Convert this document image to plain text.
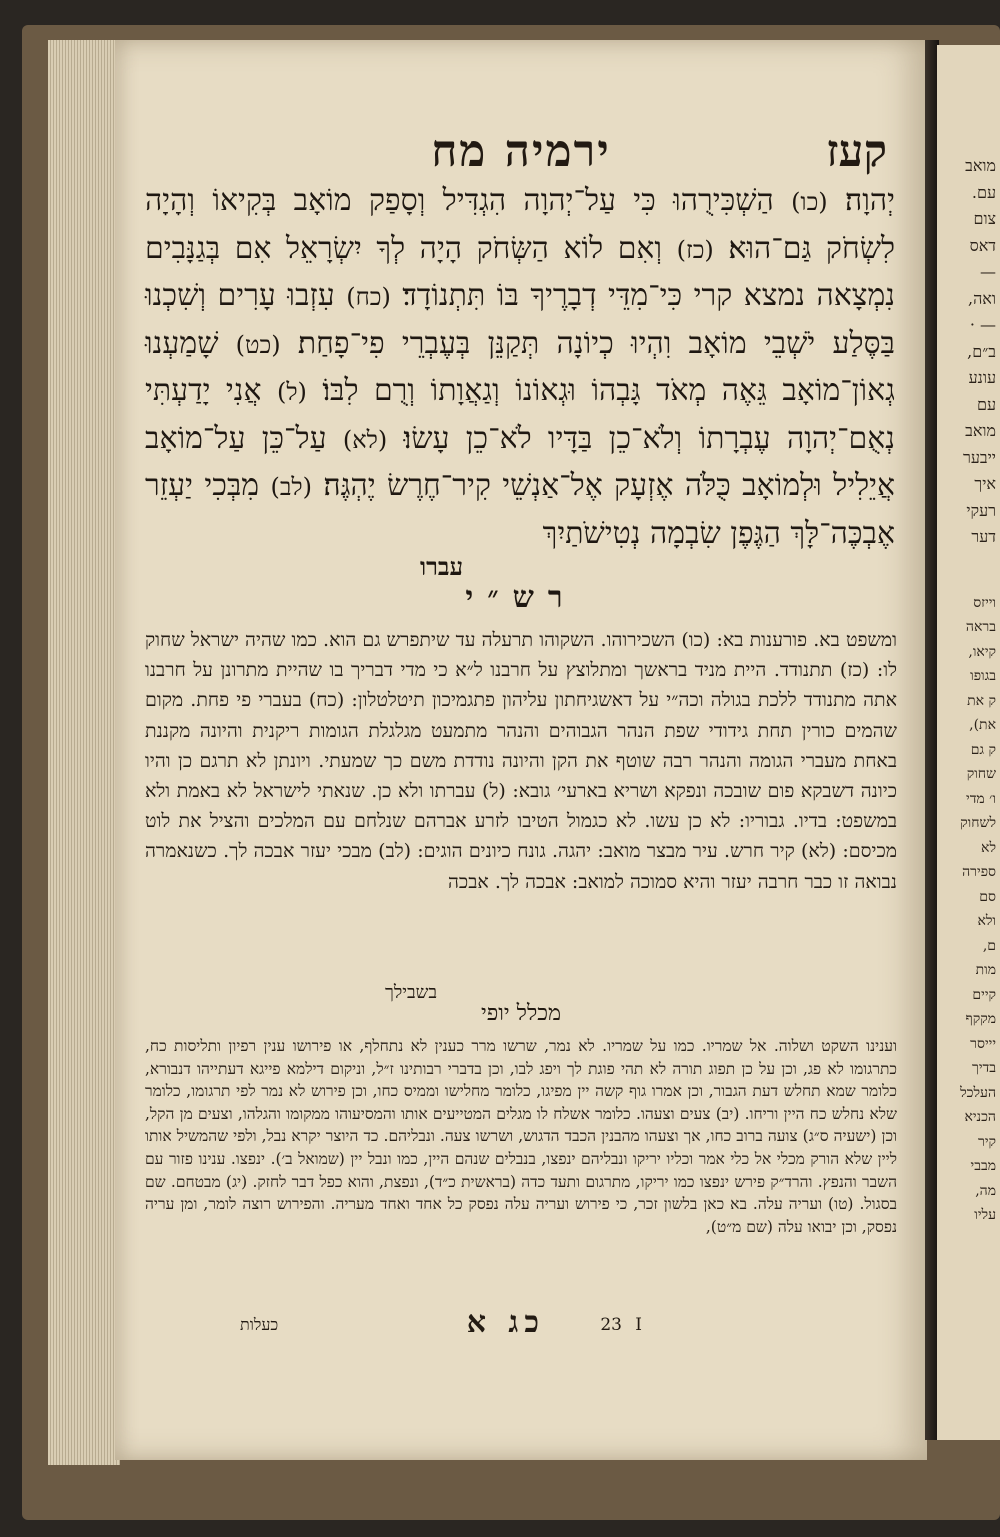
קעז
ירמיה מח
יְהוָה׃ (כו) הַשְׁכִּירֻהוּ כִּי עַל־יְהוָה הִגְדִּיל וְסָפַק מוֹאָב בְּקִיאוֹ וְהָיָה לִשְׂחֹק גַּם־הוּא׃ (כז) וְאִם לוֹא הַשְּׂחֹק הָיָה לְךָ יִשְׂרָאֵל אִם בְּגַנָּבִים נִמְצָאה נמצא קרי כִּי־מִדֵּי דְבָרֶיךָ בּוֹ תִּתְנוֹדָד׃ (כח) עִזְבוּ עָרִים וְשִׁכְנוּ בַּסֶּלַע יֹשְׁבֵי מוֹאָב וִהְיוּ כְיוֹנָה תְּקַנֵּן בְּעֶבְרֵי פִי־פָחַת׃ (כט) שָׁמַעְנוּ גְאוֹן־מוֹאָב גֵּאֶה מְאֹד גָּבְהוֹ וּגְאוֹנוֹ וְגַאֲוָתוֹ וְרֻם לִבּוֹ׃ (ל) אֲנִי יָדַעְתִּי נְאֻם־יְהוָה עֶבְרָתוֹ וְלֹא־כֵן בַּדָּיו לֹא־כֵן עָשׂוּ׃ (לא) עַל־כֵּן עַל־מוֹאָב אֲיֵלִיל וּלְמוֹאָב כֻּלֹּה אֶזְעָק אֶל־אַנְשֵׁי קִיר־חֶרֶשׂ יֶהְגֶּה׃ (לב) מִבְּכִי יַעְזֵר אֶבְכֶּה־לָּךְ הַגֶּפֶן שִׂבְמָה נְטִישֹׁתַיִךְ
עברו
רש״י
ומשפט בא. פורענות בא: (כו) השכירוהו. השקוהו תרעלה עד שיתפרש גם הוא. כמו שהיה ישראל שחוק לו: (כז) תתנודד. היית מניד בראשך ומתלוצץ על חרבנו ל״א כי מדי דבריך בו שהיית מתרונן על חרבנו אתה מתנודד ללכת בגולה וכה״י על דאשגיחתון עליהון פתגמיכון תיטלטלון: (כח) בעברי פי פחת. מקום שהמים כורין תחת גידודי שפת הנהר הגבוהים והנהר מתמעט מגלגלת הגומות ריקנית והיונה מקננת באחת מעברי הגומה והנהר רבה שוטף את הקן והיונה נודדת משם כך שמעתי. ויונתן לא תרגם כן והיו כיונה דשבקא פום שובכה ונפקא ושריא בארעי׳ גובא: (ל) עברתו ולא כן. שנאתי לישראל לא באמת ולא במשפט: בדיו. גבוריו: לא כן עשו. לא כגמול הטיבו לזרע אברהם שנלחם עם המלכים והציל את לוט מכיסם: (לא) קיר חרש. עיר מבצר מואב: יהגה. גונח כיונים הוגים: (לב) מבכי יעזר אבכה לך. כשנאמרה נבואה זו כבר חרבה יעזר והיא סמוכה למואב: אבכה לך. אבכה
בשבילך
מכלל יופי
וענינו השקט ושלוה. אל שמריו. כמו על שמריו. לא נמר, שרשו מרר כענין לא נתחלף, או פירושו ענין רפיון ותליסות כח, כתרגומו לא פג, וכן על כן תפוג תורה לא תהי פוגת לך ויפג לבו, וכן בדברי רבותינו ז״ל, וניקום דילמא פייגא דעתייהו דנבורא, כלומר שמא תחלש דעת הגבור, וכן אמרו גוף קשה יין מפיגו, כלומר מחלישו וממיס כחו, וכן פירוש לא נמר לפי תרגומו, כלומר שלא נחלש כח היין וריחו. (יב) צעים וצעהו. כלומר אשלח לו מגלים המטייעים אותו והמסיעוהו ממקומו והגלהו, וצעים מן הקל, וכן (ישעיה ס״ג) צועה ברוב כחו, אך וצעהו מהבנין הכבד הדגוש, ושרשו צעה. ונבליהם. כד היוצר יקרא נבל, ולפי שהמשיל אותו ליין שלא הורק מכלי אל כלי אמר וכליו יריקו ונבליהם ינפצו, בנבלים שנהם היין, כמו ונבל יין (שמואל ב׳). ינפצו. ענינו פזור עם השבר והנפץ. והרד״ק פירש ינפצו כמו יריקו, מתרגום ותעד כדה (בראשית כ״ד), ונפצת, והוא כפל דבר לחזק. (יג) מבטחם. שם בסגול. (טו) ועריה עלה. בא כאן בלשון זכר, כי פירוש ועריה עלה נפסק כל אחד ואחד מעריה. והפירוש רוצה לומר, ומן עריה נפסק, וכן יבואו עלה (שם מ״ט),
כג א	23 I
כעלות
מואב
עם.
צום
דאס
—
ואה,
— ·
ב״ם,
עונע
עם
מואב
ייבער
איך
רעקי
דער
וייזס
בראה
קיאו,
בגופו
ק את
את),
ק גם
שחוק
ו׳ מדי
לשחוק
לא
ספירה
סם
ולא
ם,
מות
קיים
מקקף
יייסר
בדיך
העלכל
הכניא
קיר
מבבי
מה,
עליו
